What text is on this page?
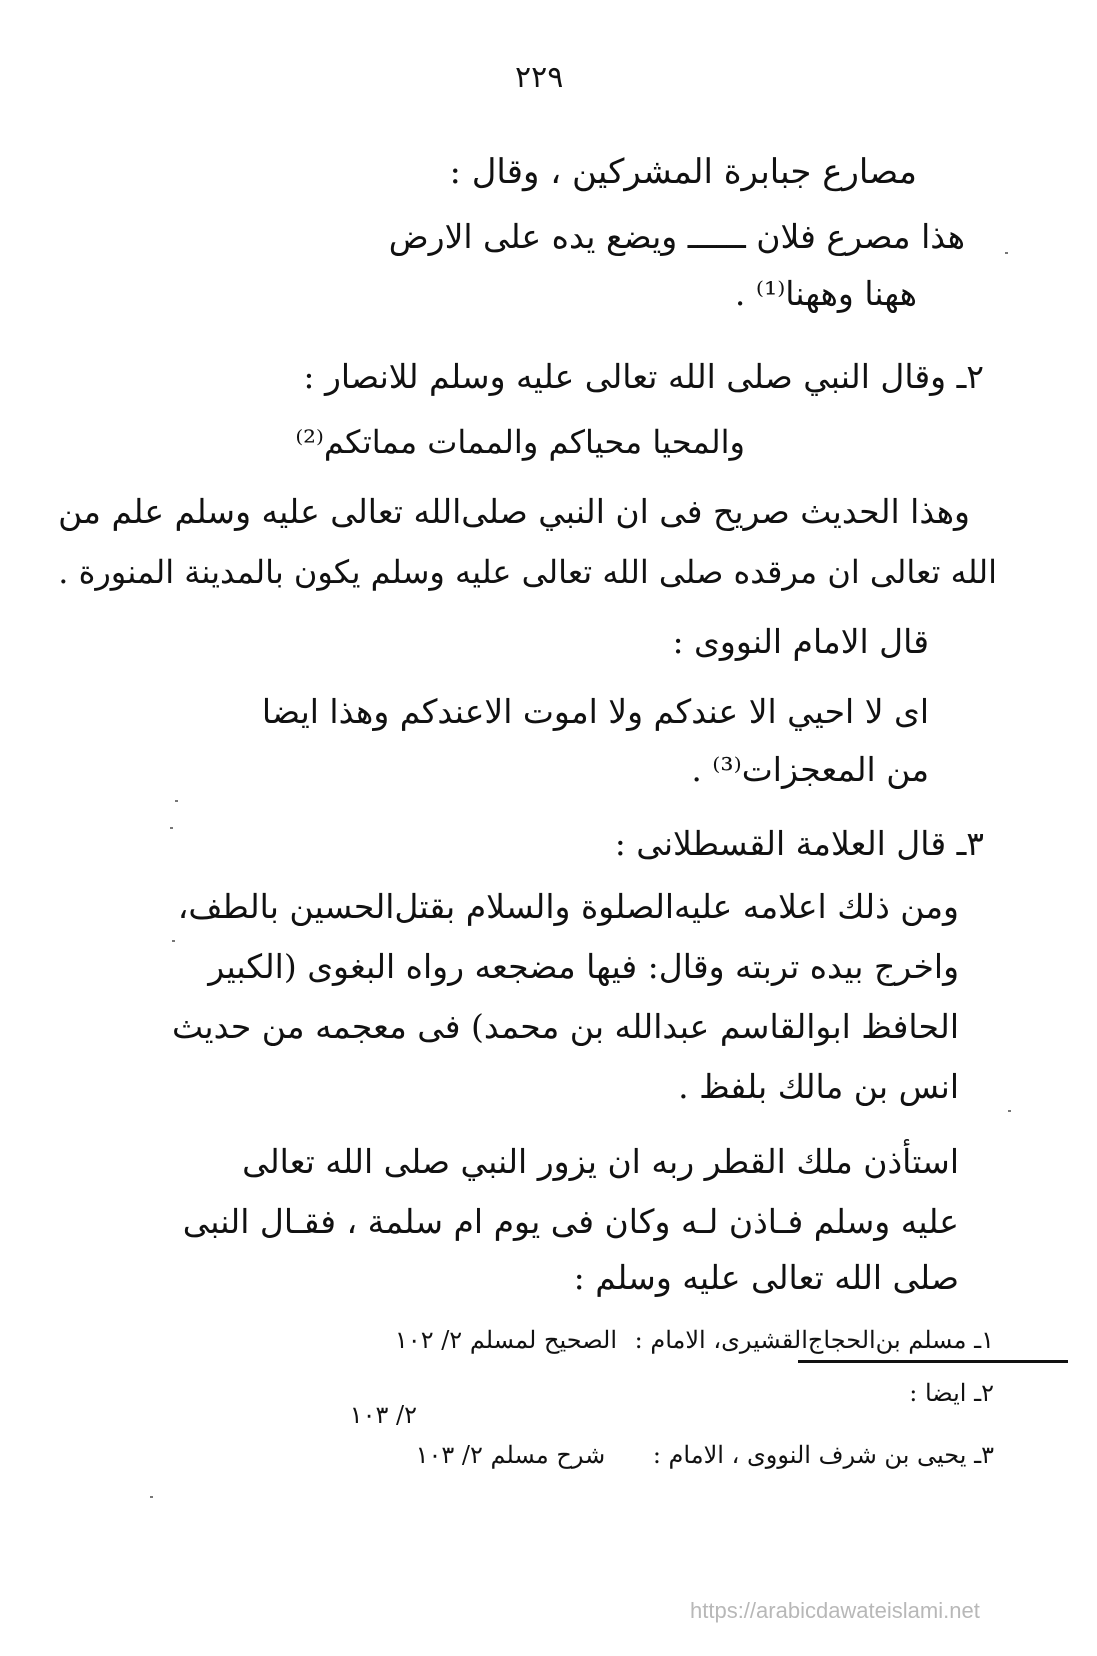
٢٢٩
مصارع جبابرة المشركين ، وقال :
هذا مصرع فلان ــــــ ويضع يده على الارض
ههنا وههنا⁽¹⁾ .
٢ـ وقال النبي صلى الله تعالى عليه وسلم للانصار :
والمحيا محياكم والممات مماتكم⁽²⁾
وهذا الحديث صريح فى ان النبي صلى‌الله تعالى عليه وسلم علم من
الله تعالى ان مرقده صلى الله تعالى عليه وسلم يكون بالمدينة المنورة .
قال الامام النووى :
اى لا احيي الا عندكم ولا اموت الاعندكم وهذا ايضا
من المعجزات⁽³⁾ .
٣ـ قال العلامة القسطلانى :
ومن ذلك اعلامه عليه‌الصلوة والسلام بقتل‌الحسين بالطف،
واخرج بيده تربته وقال: فيها مضجعه رواه البغوى (الكبير
الحافظ ابوالقاسم عبدالله بن محمد) فى معجمه من حديث
انس بن مالك بلفظ .
استأذن ملك القطر ربه ان يزور النبي صلى الله تعالى
عليه وسلم فـاذن لـه وكان فى يوم ام سلمة ، فقـال النبى
صلى الله تعالى عليه وسلم :
١ـ مسلم بن‌الحجاج‌القشيرى، الامام : الصحيح لمسلم ٢/ ١٠٢
٢ـ ايضا :
٢/ ١٠٣
٣ـ يحيى بن شرف النووى ، الامام : شرح مسلم ٢/ ١٠٣
https://arabicdawateislami.net
